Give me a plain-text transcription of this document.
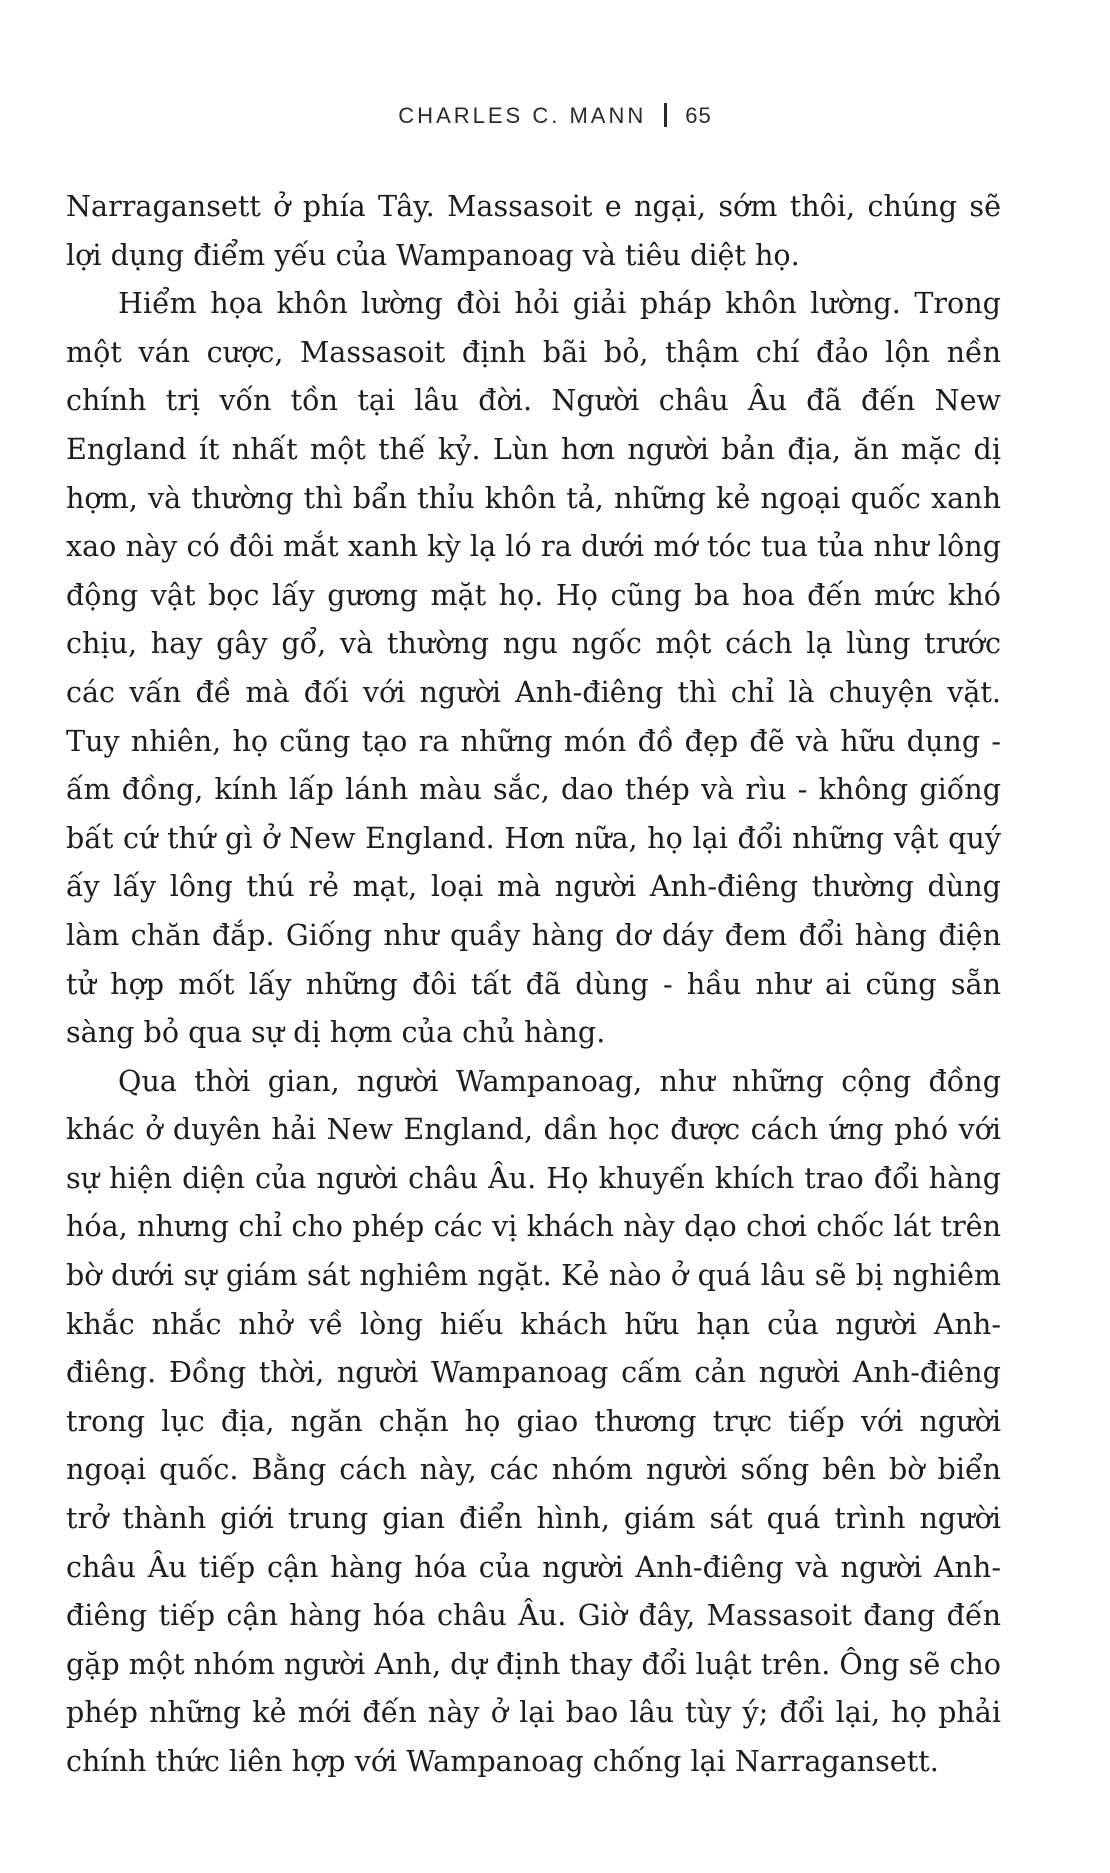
CHARLES C. MANN 65

Narragansett ở phía Tây. Massasoit e ngại, sớm thôi, chúng sẽ lợi dụng điểm yếu của Wampanoag và tiêu diệt họ.

Hiểm họa khôn lường đòi hỏi giải pháp khôn lường. Trong một ván cược, Massasoit định bãi bỏ, thậm chí đảo lộn nền chính trị vốn tồn tại lâu đời. Người châu Âu đã đến New England ít nhất một thế kỷ. Lùn hơn người bản địa, ăn mặc dị hợm, và thường thì bẩn thỉu khôn tả, những kẻ ngoại quốc xanh xao này có đôi mắt xanh kỳ lạ ló ra dưới mớ tóc tua tủa như lông động vật bọc lấy gương mặt họ. Họ cũng ba hoa đến mức khó chịu, hay gây gổ, và thường ngu ngốc một cách lạ lùng trước các vấn đề mà đối với người Anh-điêng thì chỉ là chuyện vặt. Tuy nhiên, họ cũng tạo ra những món đồ đẹp đẽ và hữu dụng - ấm đồng, kính lấp lánh màu sắc, dao thép và rìu - không giống bất cứ thứ gì ở New England. Hơn nữa, họ lại đổi những vật quý ấy lấy lông thú rẻ mạt, loại mà người Anh-điêng thường dùng làm chăn đắp. Giống như quầy hàng dơ dáy đem đổi hàng điện tử hợp mốt lấy những đôi tất đã dùng - hầu như ai cũng sẵn sàng bỏ qua sự dị hợm của chủ hàng.

Qua thời gian, người Wampanoag, như những cộng đồng khác ở duyên hải New England, dần học được cách ứng phó với sự hiện diện của người châu Âu. Họ khuyến khích trao đổi hàng hóa, nhưng chỉ cho phép các vị khách này dạo chơi chốc lát trên bờ dưới sự giám sát nghiêm ngặt. Kẻ nào ở quá lâu sẽ bị nghiêm khắc nhắc nhở về lòng hiếu khách hữu hạn của người Anh-điêng. Đồng thời, người Wampanoag cấm cản người Anh-điêng trong lục địa, ngăn chặn họ giao thương trực tiếp với người ngoại quốc. Bằng cách này, các nhóm người sống bên bờ biển trở thành giới trung gian điển hình, giám sát quá trình người châu Âu tiếp cận hàng hóa của người Anh-điêng và người Anh-điêng tiếp cận hàng hóa châu Âu. Giờ đây, Massasoit đang đến gặp một nhóm người Anh, dự định thay đổi luật trên. Ông sẽ cho phép những kẻ mới đến này ở lại bao lâu tùy ý; đổi lại, họ phải chính thức liên hợp với Wampanoag chống lại Narragansett.
